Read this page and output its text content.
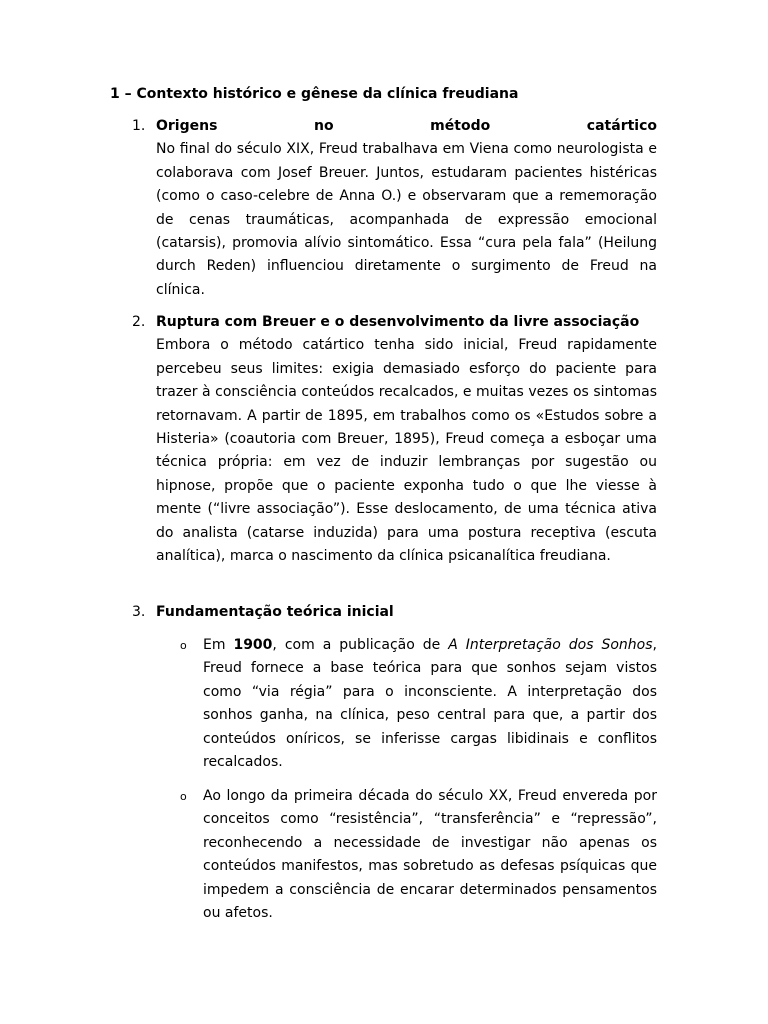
1 – Contexto histórico e gênese da clínica freudiana
1. Origens no método catártico
No final do século XIX, Freud trabalhava em Viena como neurologista e colaborava com Josef Breuer. Juntos, estudaram pacientes histéricas (como o caso-celebre de Anna O.) e observaram que a rememoração de cenas traumáticas, acompanhada de expressão emocional (catarsis), promovia alívio sintomático. Essa “cura pela fala” (Heilung durch Reden) influenciou diretamente o surgimento de Freud na clínica.
2. Ruptura com Breuer e o desenvolvimento da livre associação
Embora o método catártico tenha sido inicial, Freud rapidamente percebeu seus limites: exigia demasiado esforço do paciente para trazer à consciência conteúdos recalcados, e muitas vezes os sintomas retornavam. A partir de 1895, em trabalhos como os «Estudos sobre a Histeria» (coautoria com Breuer, 1895), Freud começa a esboçar uma técnica própria: em vez de induzir lembranças por sugestão ou hipnose, propõe que o paciente exponha tudo o que lhe viesse à mente (“livre associação”). Esse deslocamento, de uma técnica ativa do analista (catarse induzida) para uma postura receptiva (escuta analítica), marca o nascimento da clínica psicanalítica freudiana.
3. Fundamentação teórica inicial
o Em 1900, com a publicação de A Interpretação dos Sonhos, Freud fornece a base teórica para que sonhos sejam vistos como “via régia” para o inconsciente. A interpretação dos sonhos ganha, na clínica, peso central para que, a partir dos conteúdos oníricos, se inferisse cargas libidinais e conflitos recalcados.
o Ao longo da primeira década do século XX, Freud envereda por conceitos como “resistência”, “transferência” e “repressão”, reconhecendo a necessidade de investigar não apenas os conteúdos manifestos, mas sobretudo as defesas psíquicas que impedem a consciência de encarar determinados pensamentos ou afetos.
